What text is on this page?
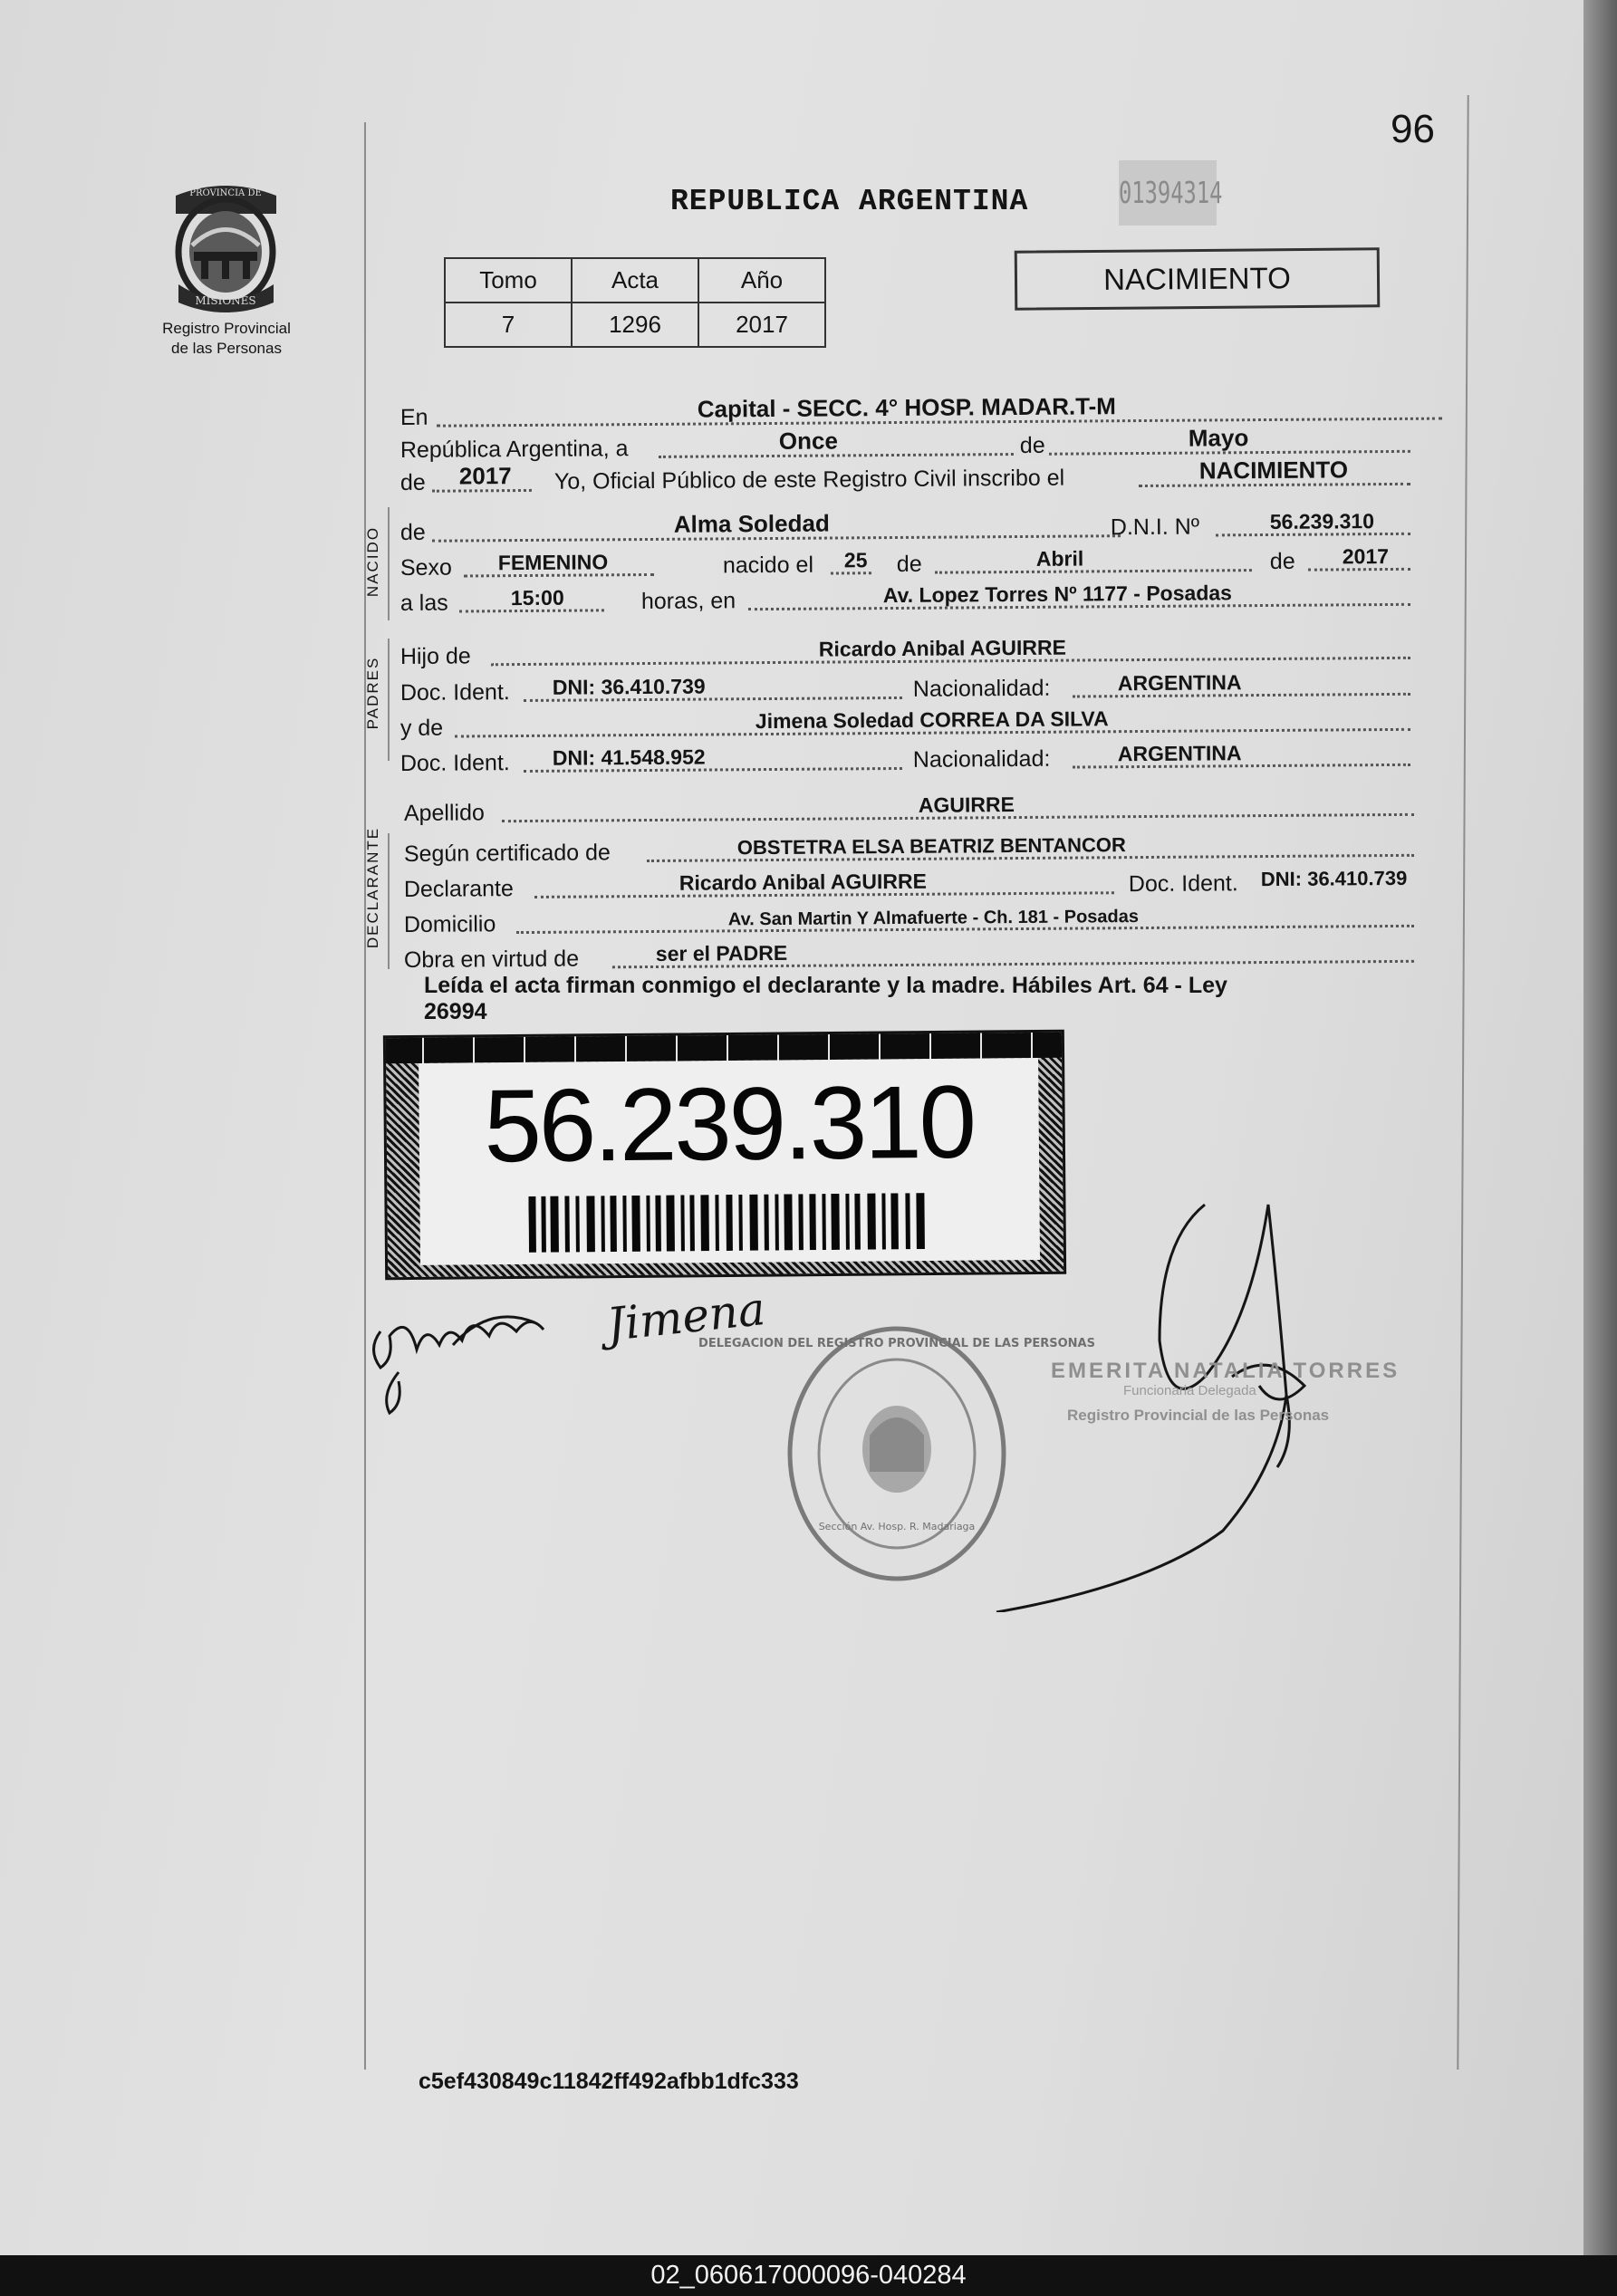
96
REPUBLICA ARGENTINA	01394314
PROVINCIA DE
MISIONES
Registro Provincial
de las Personas
Tomo	Acta	Año
7	1296	2017
NACIMIENTO
NACIDO
PADRES
DECLARANTE
En	Capital - SECC. 4° HOSP. MADAR.T-M
República Argentina, a	Once	de	Mayo
de 2017 Yo, Oficial Público de este Registro Civil inscribo el	NACIMIENTO
de	Alma Soledad	D.N.I. Nº	56.239.310
Sexo FEMENINO	nacido el 25 de	Abril	de 2017
a las	15:00	horas, en	Av. Lopez Torres Nº 1177 - Posadas
Hijo de	Ricardo Anibal AGUIRRE
Doc. Ident. DNI: 36.410.739	Nacionalidad:	ARGENTINA
y de	Jimena Soledad CORREA DA SILVA
Doc. Ident. DNI: 41.548.952	Nacionalidad:	ARGENTINA
Apellido	AGUIRRE
Según certificado de	OBSTETRA ELSA BEATRIZ BENTANCOR
Declarante	Ricardo Anibal AGUIRRE	Doc. Ident. DNI: 36.410.739
Domicilio	Av. San Martin Y Almafuerte - Ch. 181 - Posadas
Obra en virtud de	ser el PADRE
Leída el acta firman conmigo el declarante y la madre. Hábiles Art. 64 - Ley
26994
56.239.310
Jimena
DELEGACION DEL REGISTRO PROVINCIAL DE LAS PERSONAS
Sección Av. Hosp. R. Madariaga
EMERITA NATALIA TORRES
Funcionaria Delegada
Registro Provincial de las Personas
c5ef430849c11842ff492afbb1dfc333
02_060617000096-040284
